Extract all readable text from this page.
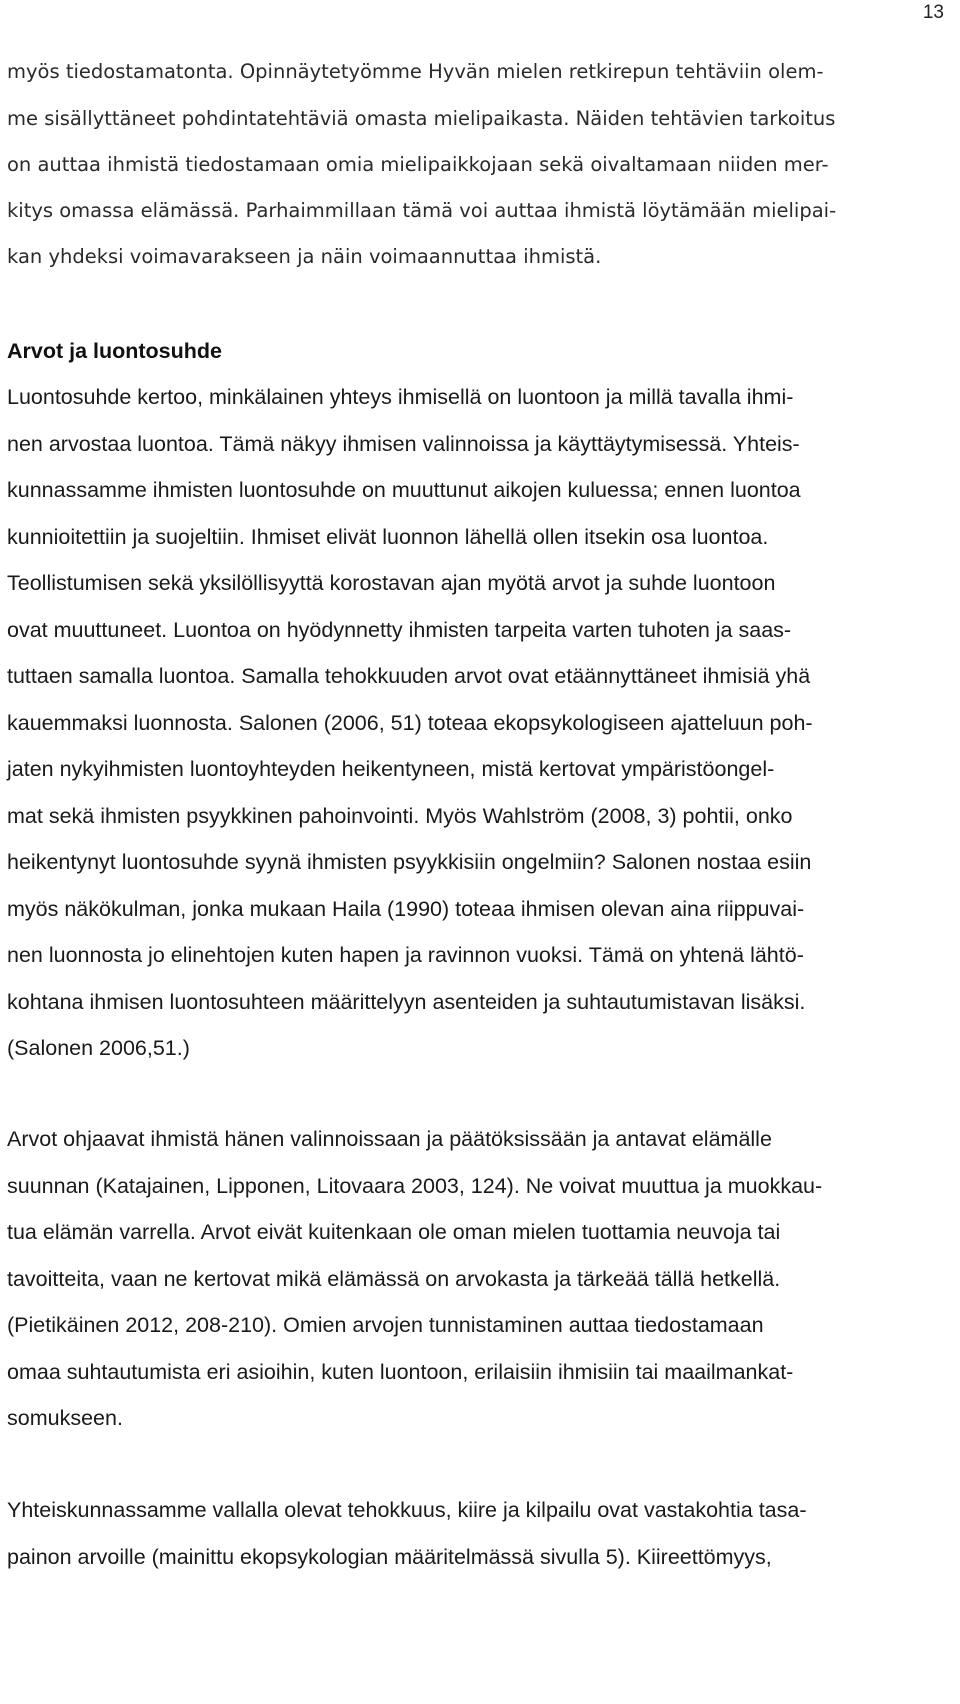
13
myös tiedostamatonta. Opinnäytetyömme Hyvän mielen retkirepun tehtäviin olem-
me sisällyttäneet pohdintatehtäviä omasta mielipaikasta. Näiden tehtävien tarkoitus
on auttaa ihmistä tiedostamaan omia mielipaikkojaan sekä oivaltamaan niiden mer-
kitys omassa elämässä. Parhaimmillaan tämä voi auttaa ihmistä löytämään mielipai-
kan yhdeksi voimavarakseen ja näin voimaannuttaa ihmistä.
Arvot ja luontosuhde
Luontosuhde kertoo, minkälainen yhteys ihmisellä on luontoon ja millä tavalla ihmi-
nen arvostaa luontoa. Tämä näkyy ihmisen valinnoissa ja käyttäytymisessä. Yhteis-
kunnassamme ihmisten luontosuhde on muuttunut aikojen kuluessa; ennen luontoa
kunnioitettiin ja suojeltiin. Ihmiset elivät luonnon lähellä ollen itsekin osa luontoa.
Teollistumisen sekä yksilöllisyyttä korostavan ajan myötä arvot ja suhde luontoon
ovat muuttuneet. Luontoa on hyödynnetty ihmisten tarpeita varten tuhoten ja saas-
tuttaen samalla luontoa. Samalla tehokkuuden arvot ovat etäännyttäneet ihmisiä yhä
kauemmaksi luonnosta. Salonen (2006, 51) toteaa ekopsykologiseen ajatteluun poh-
jaten nykyihmisten luontoyhteyden heikentyneen, mistä kertovat ympäristöongel-
mat sekä ihmisten psyykkinen pahoinvointi. Myös Wahlström (2008, 3) pohtii, onko
heikentynyt luontosuhde syynä ihmisten psyykkisiin ongelmiin? Salonen nostaa esiin
myös näkökulman, jonka mukaan Haila (1990) toteaa ihmisen olevan aina riippuvai-
nen luonnosta jo elinehtojen kuten hapen ja ravinnon vuoksi. Tämä on yhtenä lähtö-
kohtana ihmisen luontosuhteen määrittelyyn asenteiden ja suhtautumistavan lisäksi.
(Salonen 2006,51.)
Arvot ohjaavat ihmistä hänen valinnoissaan ja päätöksissään ja antavat elämälle
suunnan (Katajainen, Lipponen, Litovaara 2003, 124). Ne voivat muuttua ja muokkau-
tua elämän varrella. Arvot eivät kuitenkaan ole oman mielen tuottamia neuvoja tai
tavoitteita, vaan ne kertovat mikä elämässä on arvokasta ja tärkeää tällä hetkellä.
(Pietikäinen 2012, 208-210). Omien arvojen tunnistaminen auttaa tiedostamaan
omaa suhtautumista eri asioihin, kuten luontoon, erilaisiin ihmisiin tai maailmankat-
somukseen.
Yhteiskunnassamme vallalla olevat tehokkuus, kiire ja kilpailu ovat vastakohtia tasa-
painon arvoille (mainittu ekopsykologian määritelmässä sivulla 5). Kiireettömyys,
